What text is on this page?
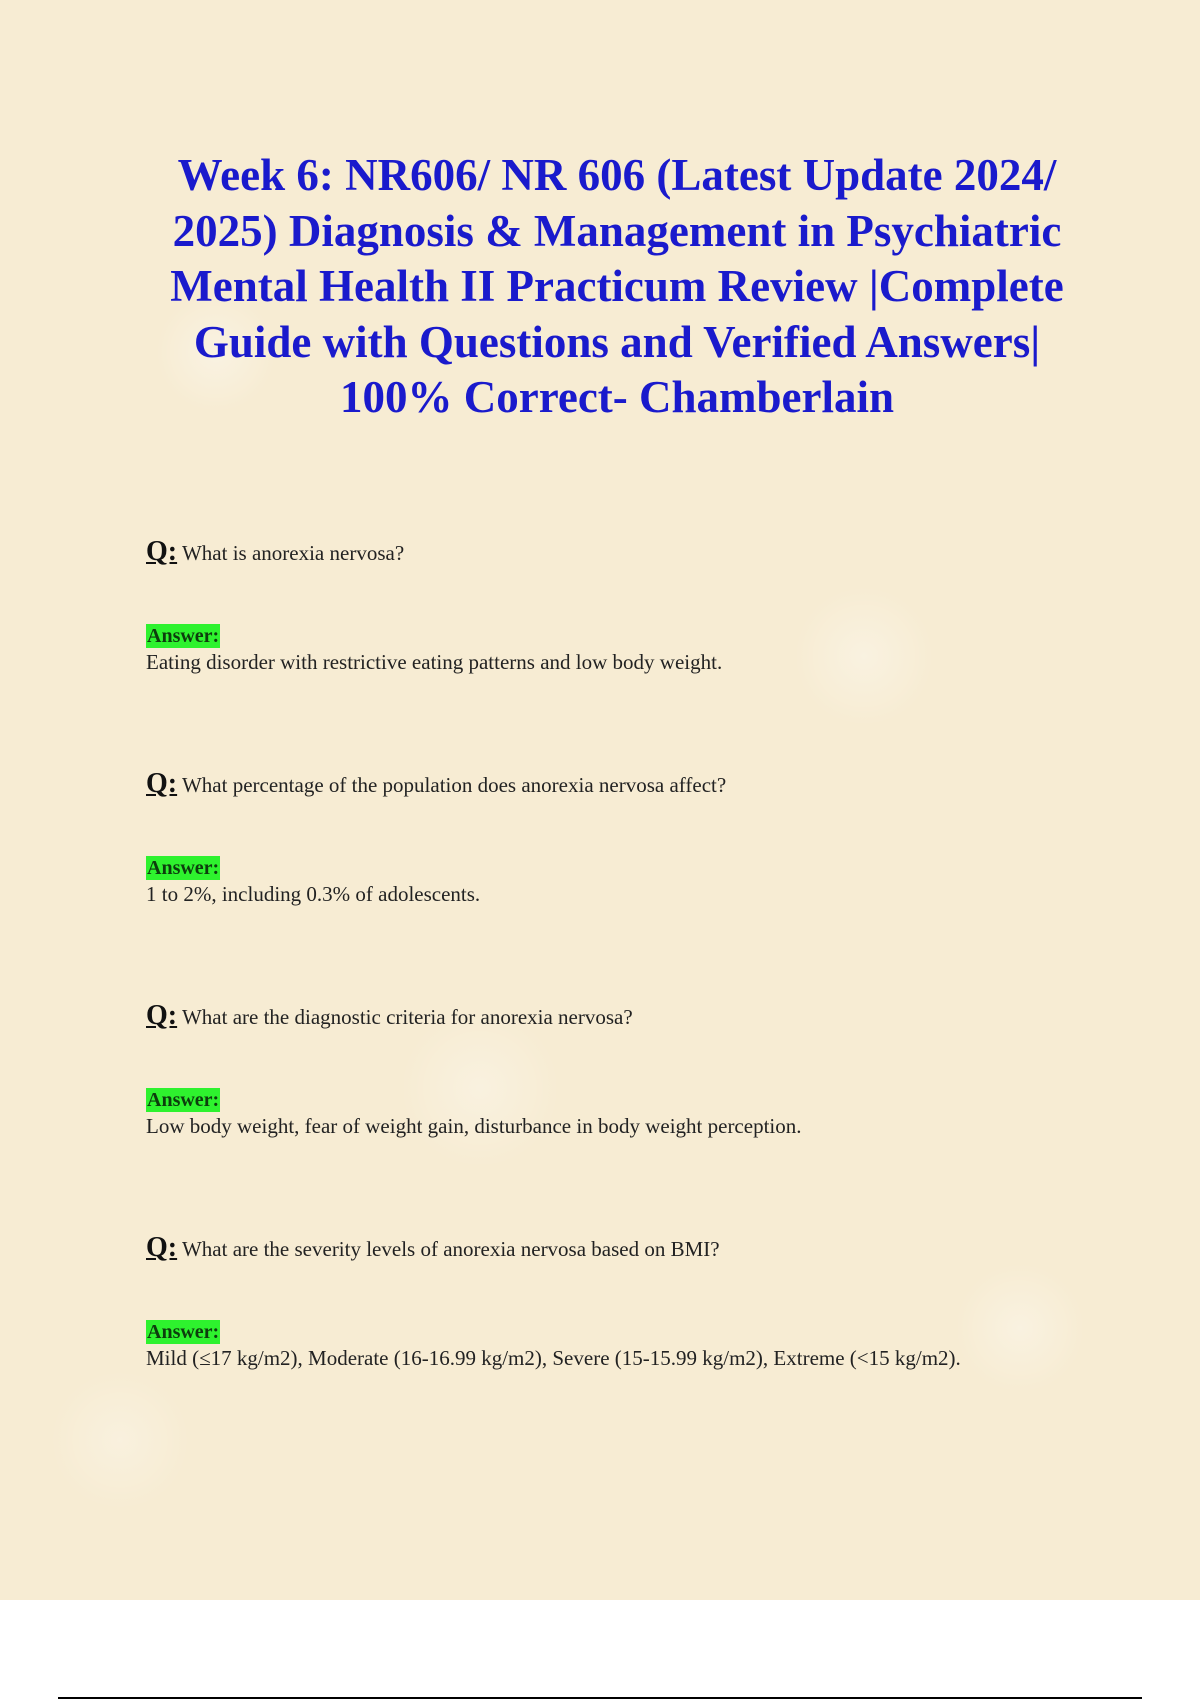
Week 6: NR606/ NR 606 (Latest Update 2024/ 2025) Diagnosis & Management in Psychiatric Mental Health II Practicum Review |Complete Guide with Questions and Verified Answers| 100% Correct- Chamberlain

Q: What is anorexia nervosa?

Answer:

Eating disorder with restrictive eating patterns and low body weight.

Q: What percentage of the population does anorexia nervosa affect?

Answer:

1 to 2%, including 0.3% of adolescents.

Q: What are the diagnostic criteria for anorexia nervosa?

Answer:

Low body weight, fear of weight gain, disturbance in body weight perception.

Q: What are the severity levels of anorexia nervosa based on BMI?

Answer:

Mild (≤17 kg/m2), Moderate (16-16.99 kg/m2), Severe (15-15.99 kg/m2), Extreme (<15 kg/m2).
